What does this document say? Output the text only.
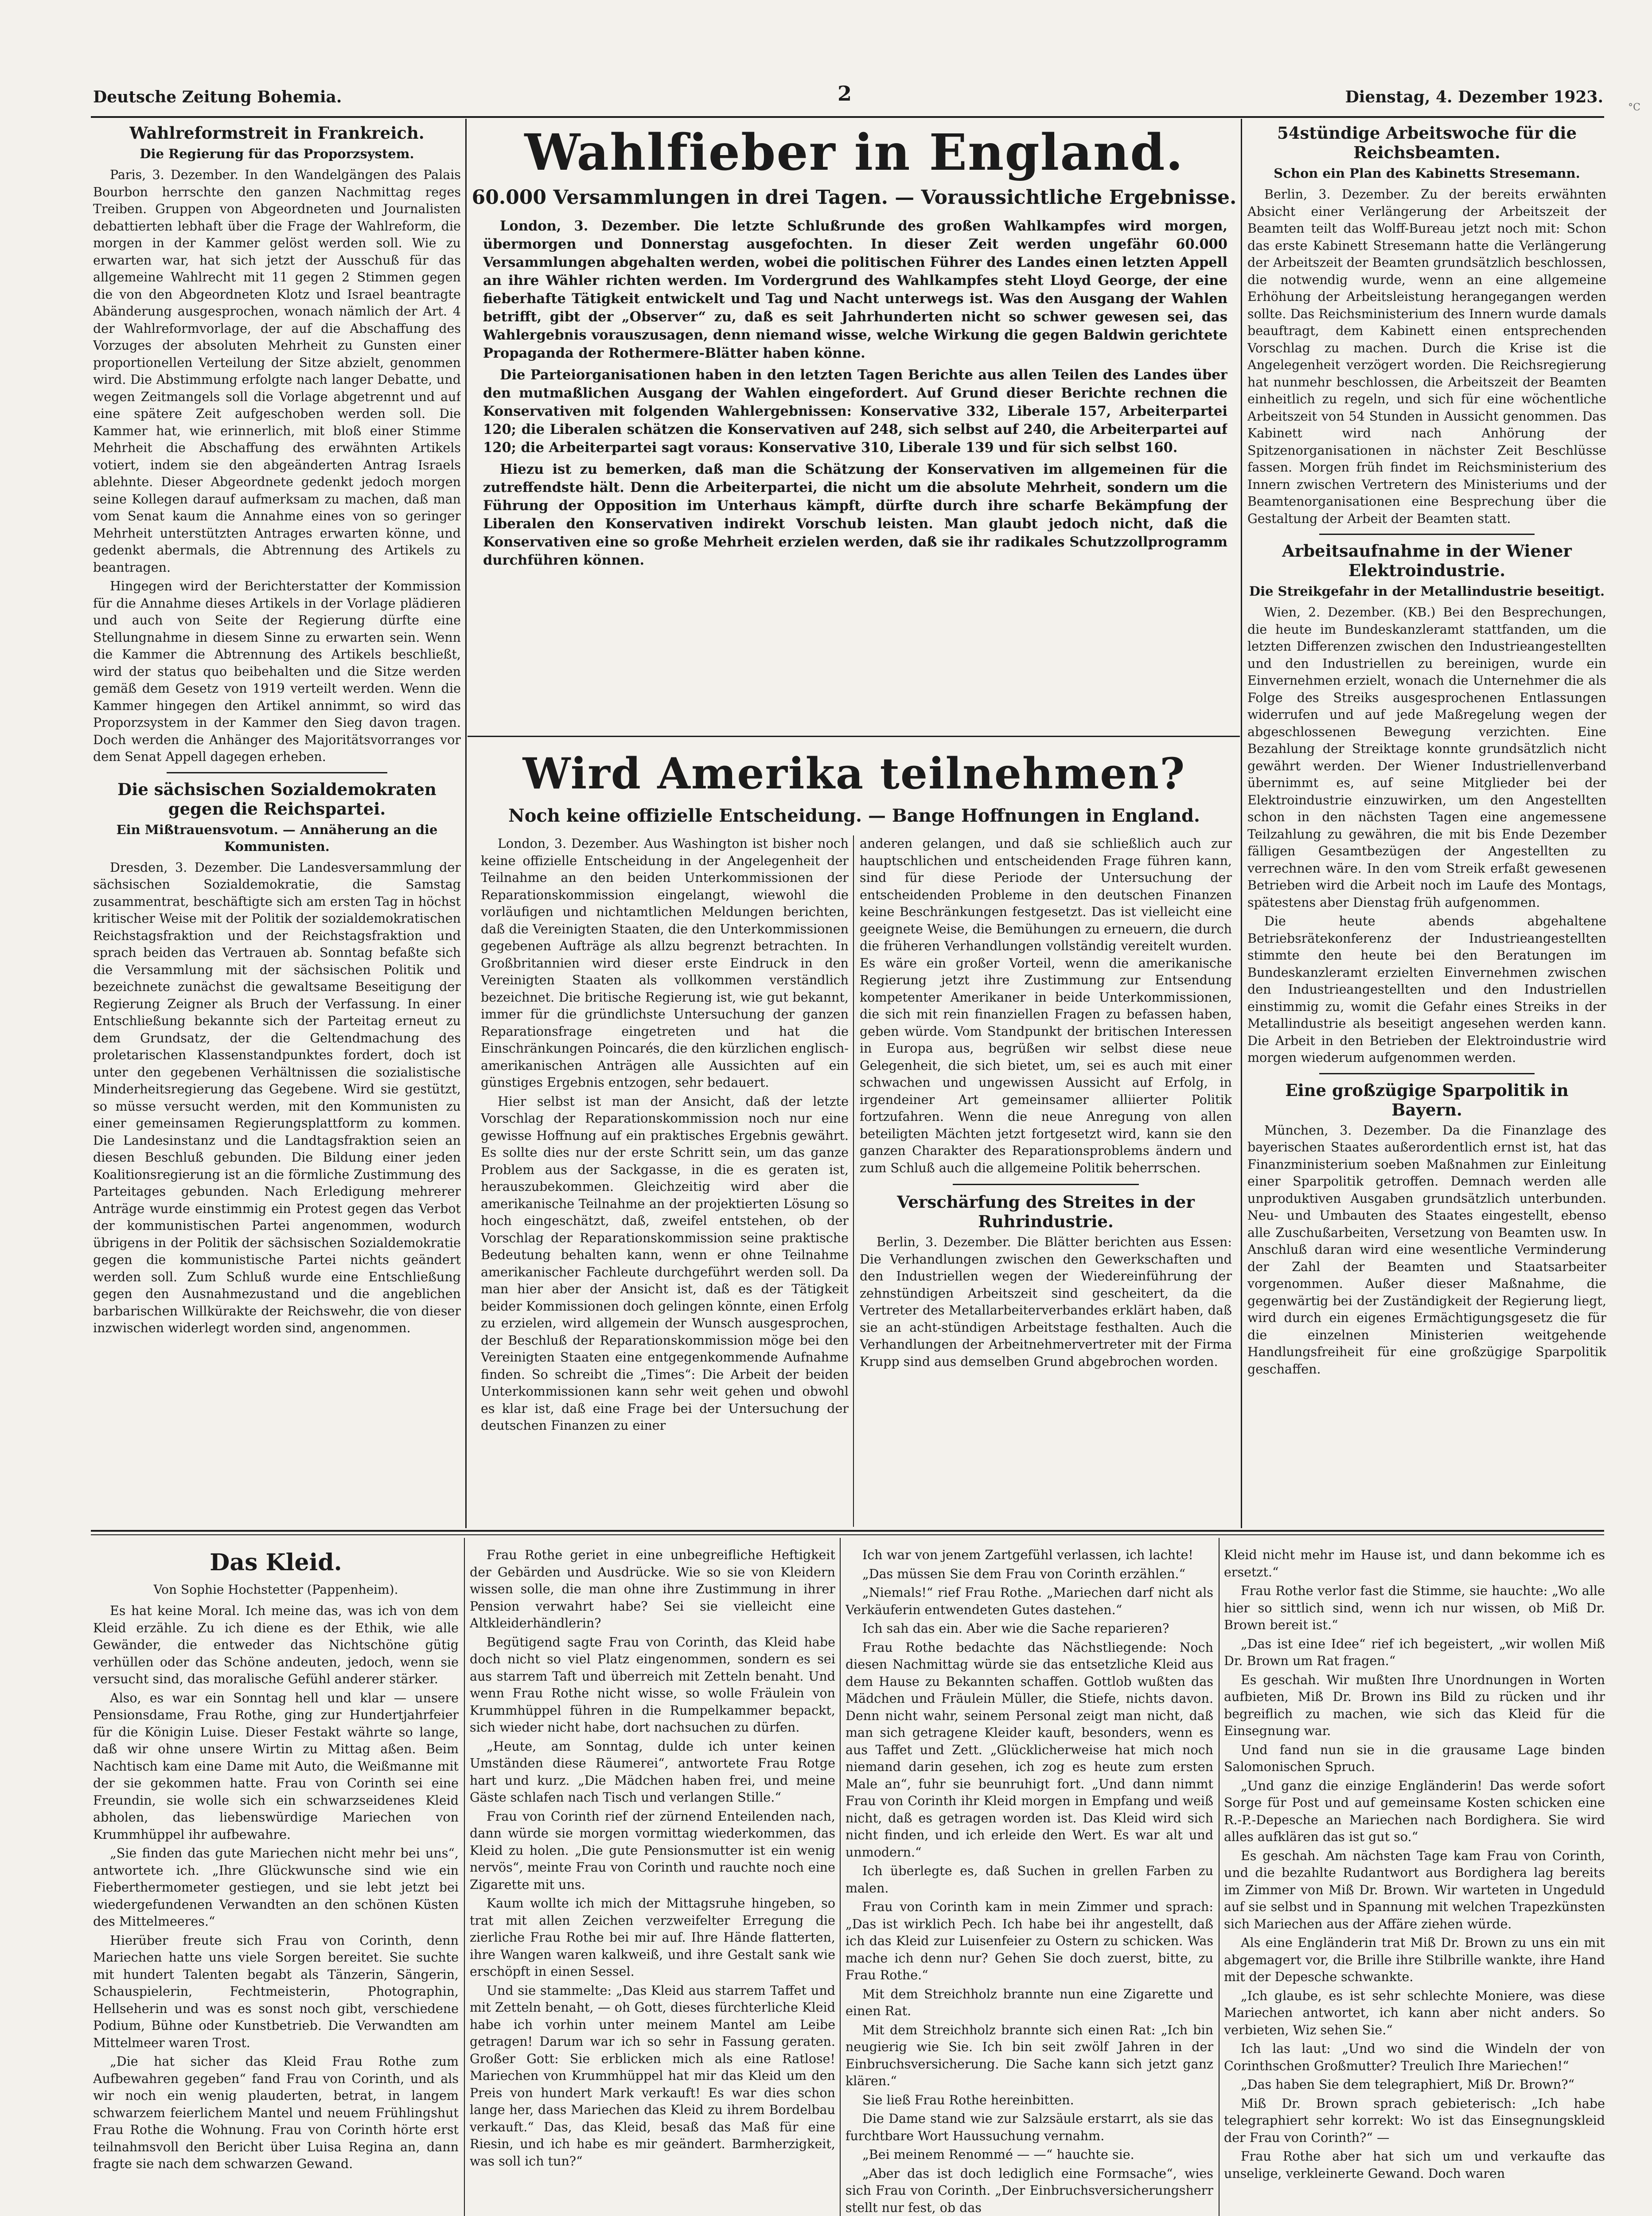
Deutsche Zeitung Bohemia.	2	Dienstag, 4. Dezember 1923.
°C
Wahlreformstreit in Frankreich.
Die Regierung für das Proporzsystem.

Paris, 3. Dezember. In den Wandelgängen des Palais Bourbon herrschte den ganzen Nachmittag reges Treiben. Gruppen von Abgeordneten und Journalisten debattierten lebhaft über die Frage der Wahlreform, die morgen in der Kammer gelöst werden soll. Wie zu erwarten war, hat sich jetzt der Ausschuß für das allgemeine Wahlrecht mit 11 gegen 2 Stimmen gegen die von den Abgeordneten Klotz und Israel beantragte Abänderung ausgesprochen, wonach nämlich der Art. 4 der Wahlreformvorlage, der auf die Abschaffung des Vorzuges der absoluten Mehrheit zu Gunsten einer proportionellen Verteilung der Sitze abzielt, genommen wird. Die Abstimmung erfolgte nach langer Debatte, und wegen Zeitmangels soll die Vorlage abgetrennt und auf eine spätere Zeit aufgeschoben werden soll. Die Kammer hat, wie erinnerlich, mit bloß einer Stimme Mehrheit die Abschaffung des erwähnten Artikels votiert, indem sie den abgeänderten Antrag Israels ablehnte. Dieser Abgeordnete gedenkt jedoch morgen seine Kollegen darauf aufmerksam zu machen, daß man vom Senat kaum die Annahme eines von so geringer Mehrheit unterstützten Antrages erwarten könne, und gedenkt abermals, die Abtrennung des Artikels zu beantragen.

Hingegen wird der Berichterstatter der Kommission für die Annahme dieses Artikels in der Vorlage plädieren und auch von Seite der Regierung dürfte eine Stellungnahme in diesem Sinne zu erwarten sein. Wenn die Kammer die Abtrennung des Artikels beschließt, wird der status quo beibehalten und die Sitze werden gemäß dem Gesetz von 1919 verteilt werden. Wenn die Kammer hingegen den Artikel annimmt, so wird das Proporzsystem in der Kammer den Sieg davon tragen. Doch werden die Anhänger des Majoritätsvorranges vor dem Senat Appell dagegen erheben.

Die sächsischen Sozialdemokraten gegen die Reichspartei.
Ein Mißtrauensvotum. — Annäherung an die Kommunisten.

Dresden, 3. Dezember. Die Landesversammlung der sächsischen Sozialdemokratie, die Samstag zusammentrat, beschäftigte sich am ersten Tag in höchst kritischer Weise mit der Politik der sozialdemokratischen Reichstagsfraktion und der Reichstagsfraktion und sprach beiden das Vertrauen ab. Sonntag befaßte sich die Versammlung mit der sächsischen Politik und bezeichnete zunächst die gewaltsame Beseitigung der Regierung Zeigner als Bruch der Verfassung. In einer Entschließung bekannte sich der Parteitag erneut zu dem Grundsatz, der die Geltendmachung des proletarischen Klassenstandpunktes fordert, doch ist unter den gegebenen Verhältnissen die sozialistische Minderheitsregierung das Gegebene. Wird sie gestützt, so müsse versucht werden, mit den Kommunisten zu einer gemeinsamen Regierungsplattform zu kommen. Die Landesinstanz und die Landtagsfraktion seien an diesen Beschluß gebunden. Die Bildung einer jeden Koalitionsregierung ist an die förmliche Zustimmung des Parteitages gebunden. Nach Erledigung mehrerer Anträge wurde einstimmig ein Protest gegen das Verbot der kommunistischen Partei angenommen, wodurch übrigens in der Politik der sächsischen Sozialdemokratie gegen die kommunistische Partei nichts geändert werden soll. Zum Schluß wurde eine Entschließung gegen den Ausnahmezustand und die angeblichen barbarischen Willkürakte der Reichswehr, die von dieser inzwischen widerlegt worden sind, angenommen.

Wahlfieber in England.
60.000 Versammlungen in drei Tagen. — Voraussichtliche Ergebnisse.

London, 3. Dezember. Die letzte Schlußrunde des großen Wahlkampfes wird morgen, übermorgen und Donnerstag ausgefochten. In dieser Zeit werden ungefähr 60.000 Versammlungen abgehalten werden, wobei die politischen Führer des Landes einen letzten Appell an ihre Wähler richten werden. Im Vordergrund des Wahlkampfes steht Lloyd George, der eine fieberhafte Tätigkeit entwickelt und Tag und Nacht unterwegs ist. Was den Ausgang der Wahlen betrifft, gibt der „Observer“ zu, daß es seit Jahrhunderten nicht so schwer gewesen sei, das Wahlergebnis vorauszusagen, denn niemand wisse, welche Wirkung die gegen Baldwin gerichtete Propaganda der Rothermere-Blätter haben könne.

Die Parteiorganisationen haben in den letzten Tagen Berichte aus allen Teilen des Landes über den mutmaßlichen Ausgang der Wahlen eingefordert. Auf Grund dieser Berichte rechnen die Konservativen mit folgenden Wahlergebnissen: Konservative 332, Liberale 157, Arbeiterpartei 120; die Liberalen schätzen die Konservativen auf 248, sich selbst auf 240, die Arbeiterpartei auf 120; die Arbeiterpartei sagt voraus: Konservative 310, Liberale 139 und für sich selbst 160.

Hiezu ist zu bemerken, daß man die Schätzung der Konservativen im allgemeinen für die zutreffendste hält. Denn die Arbeiterpartei, die nicht um die absolute Mehrheit, sondern um die Führung der Opposition im Unterhaus kämpft, dürfte durch ihre scharfe Bekämpfung der Liberalen den Konservativen indirekt Vorschub leisten. Man glaubt jedoch nicht, daß die Konservativen eine so große Mehrheit erzielen werden, daß sie ihr radikales Schutzzollprogramm durchführen können.

Wird Amerika teilnehmen?
Noch keine offizielle Entscheidung. — Bange Hoffnungen in England.

London, 3. Dezember. Aus Washington ist bisher noch keine offizielle Entscheidung in der Angelegenheit der Teilnahme an den beiden Unterkommissionen der Reparationskommission eingelangt, wiewohl die vorläufigen und nichtamtlichen Meldungen berichten, daß die Vereinigten Staaten, die den Unterkommissionen gegebenen Aufträge als allzu begrenzt betrachten. In Großbritannien wird dieser erste Eindruck in den Vereinigten Staaten als vollkommen verständlich bezeichnet. Die britische Regierung ist, wie gut bekannt, immer für die gründlichste Untersuchung der ganzen Reparationsfrage eingetreten und hat die Einschränkungen Poincarés, die den kürzlichen englisch-amerikanischen Anträgen alle Aussichten auf ein günstiges Ergebnis entzogen, sehr bedauert.

Hier selbst ist man der Ansicht, daß der letzte Vorschlag der Reparationskommission noch nur eine gewisse Hoffnung auf ein praktisches Ergebnis gewährt. Es sollte dies nur der erste Schritt sein, um das ganze Problem aus der Sackgasse, in die es geraten ist, herauszubekommen. Gleichzeitig wird aber die amerikanische Teilnahme an der projektierten Lösung so hoch eingeschätzt, daß, zweifel entstehen, ob der Vorschlag der Reparationskommission seine praktische Bedeutung behalten kann, wenn er ohne Teilnahme amerikanischer Fachleute durchgeführt werden soll. Da man hier aber der Ansicht ist, daß es der Tätigkeit beider Kommissionen doch gelingen könnte, einen Erfolg zu erzielen, wird allgemein der Wunsch ausgesprochen, der Beschluß der Reparationskommission möge bei den Vereinigten Staaten eine entgegenkommende Aufnahme finden. So schreibt die „Times“: Die Arbeit der beiden Unterkommissionen kann sehr weit gehen und obwohl es klar ist, daß eine Frage bei der Untersuchung der deutschen Finanzen zu einer

anderen gelangen, und daß sie schließlich auch zur hauptschlichen und entscheidenden Frage führen kann, sind für diese Periode der Untersuchung der entscheidenden Probleme in den deutschen Finanzen keine Beschränkungen festgesetzt. Das ist vielleicht eine geeignete Weise, die Bemühungen zu erneuern, die durch die früheren Verhandlungen vollständig vereitelt wurden. Es wäre ein großer Vorteil, wenn die amerikanische Regierung jetzt ihre Zustimmung zur Entsendung kompetenter Amerikaner in beide Unterkommissionen, die sich mit rein finanziellen Fragen zu befassen haben, geben würde. Vom Standpunkt der britischen Interessen in Europa aus, begrüßen wir selbst diese neue Gelegenheit, die sich bietet, um, sei es auch mit einer schwachen und ungewissen Aussicht auf Erfolg, in irgendeiner Art gemeinsamer alliierter Politik fortzufahren. Wenn die neue Anregung von allen beteiligten Mächten jetzt fortgesetzt wird, kann sie den ganzen Charakter des Reparationsproblems ändern und zum Schluß auch die allgemeine Politik beherrschen.

Verschärfung des Streites in der Ruhrindustrie.

Berlin, 3. Dezember. Die Blätter berichten aus Essen: Die Verhandlungen zwischen den Gewerkschaften und den Industriellen wegen der Wiedereinführung der zehnstündigen Arbeitszeit sind gescheitert, da die Vertreter des Metallarbeiterverbandes erklärt haben, daß sie an acht-stündigen Arbeitstage festhalten. Auch die Verhandlungen der Arbeitnehmervertreter mit der Firma Krupp sind aus demselben Grund abgebrochen worden.

54stündige Arbeitswoche für die Reichsbeamten.
Schon ein Plan des Kabinetts Stresemann.

Berlin, 3. Dezember. Zu der bereits erwähnten Absicht einer Verlängerung der Arbeitszeit der Beamten teilt das Wolff-Bureau jetzt noch mit: Schon das erste Kabinett Stresemann hatte die Verlängerung der Arbeitszeit der Beamten grundsätzlich beschlossen, die notwendig wurde, wenn an eine allgemeine Erhöhung der Arbeitsleistung herangegangen werden sollte. Das Reichsministerium des Innern wurde damals beauftragt, dem Kabinett einen entsprechenden Vorschlag zu machen. Durch die Krise ist die Angelegenheit verzögert worden. Die Reichsregierung hat nunmehr beschlossen, die Arbeitszeit der Beamten einheitlich zu regeln, und sich für eine wöchentliche Arbeitszeit von 54 Stunden in Aussicht genommen. Das Kabinett wird nach Anhörung der Spitzenorganisationen in nächster Zeit Beschlüsse fassen. Morgen früh findet im Reichsministerium des Innern zwischen Vertretern des Ministeriums und der Beamtenorganisationen eine Besprechung über die Gestaltung der Arbeit der Beamten statt.

Arbeitsaufnahme in der Wiener Elektroindustrie.
Die Streikgefahr in der Metallindustrie beseitigt.

Wien, 2. Dezember. (KB.) Bei den Besprechungen, die heute im Bundeskanzleramt stattfanden, um die letzten Differenzen zwischen den Industrieangestellten und den Industriellen zu bereinigen, wurde ein Einvernehmen erzielt, wonach die Unternehmer die als Folge des Streiks ausgesprochenen Entlassungen widerrufen und auf jede Maßregelung wegen der abgeschlossenen Bewegung verzichten. Eine Bezahlung der Streiktage konnte grundsätzlich nicht gewährt werden. Der Wiener Industriellenverband übernimmt es, auf seine Mitglieder bei der Elektroindustrie einzuwirken, um den Angestellten schon in den nächsten Tagen eine angemessene Teilzahlung zu gewähren, die mit bis Ende Dezember fälligen Gesamtbezügen der Angestellten zu verrechnen wäre. In den vom Streik erfaßt gewesenen Betrieben wird die Arbeit noch im Laufe des Montags, spätestens aber Dienstag früh aufgenommen.

Die heute abends abgehaltene Betriebsrätekonferenz der Industrieangestellten stimmte den heute bei den Beratungen im Bundeskanzleramt erzielten Einvernehmen zwischen den Industrieangestellten und den Industriellen einstimmig zu, womit die Gefahr eines Streiks in der Metallindustrie als beseitigt angesehen werden kann. Die Arbeit in den Betrieben der Elektroindustrie wird morgen wiederum aufgenommen werden.

Eine großzügige Sparpolitik in Bayern.

München, 3. Dezember. Da die Finanzlage des bayerischen Staates außerordentlich ernst ist, hat das Finanzministerium soeben Maßnahmen zur Einleitung einer Sparpolitik getroffen. Demnach werden alle unproduktiven Ausgaben grundsätzlich unterbunden. Neu- und Umbauten des Staates eingestellt, ebenso alle Zuschußarbeiten, Versetzung von Beamten usw. In Anschluß daran wird eine wesentliche Verminderung der Zahl der Beamten und Staatsarbeiter vorgenommen. Außer dieser Maßnahme, die gegenwärtig bei der Zuständigkeit der Regierung liegt, wird durch ein eigenes Ermächtigungsgesetz die für die einzelnen Ministerien weitgehende Handlungsfreiheit für eine großzügige Sparpolitik geschaffen.

Das Kleid.
Von Sophie Hochstetter (Pappenheim).

Es hat keine Moral. Ich meine das, was ich von dem Kleid erzähle. Zu ich diene es der Ethik, wie alle Gewänder, die entweder das Nichtschöne gütig verhüllen oder das Schöne andeuten, jedoch, wenn sie versucht sind, das moralische Gefühl anderer stärker.

Also, es war ein Sonntag hell und klar — unsere Pensionsdame, Frau Rothe, ging zur Hundertjahrfeier für die Königin Luise. Dieser Festakt währte so lange, daß wir ohne unsere Wirtin zu Mittag aßen. Beim Nachtisch kam eine Dame mit Auto, die Weißmanne mit der sie gekommen hatte. Frau von Corinth sei eine Freundin, sie wolle sich ein schwarzseidenes Kleid abholen, das liebenswürdige Mariechen von Krummhüppel ihr aufbewahre.

„Sie finden das gute Mariechen nicht mehr bei uns“, antwortete ich. „Ihre Glückwunsche sind wie ein Fieberthermometer gestiegen, und sie lebt jetzt bei wiedergefundenen Verwandten an den schönen Küsten des Mittelmeeres.“

Hierüber freute sich Frau von Corinth, denn Mariechen hatte uns viele Sorgen bereitet. Sie suchte mit hundert Talenten begabt als Tänzerin, Sängerin, Schauspielerin, Fechtmeisterin, Photographin, Hellseherin und was es sonst noch gibt, verschiedene Podium, Bühne oder Kunstbetrieb. Die Verwandten am Mittelmeer waren Trost.

„Die hat sicher das Kleid Frau Rothe zum Aufbewahren gegeben“ fand Frau von Corinth, und als wir noch ein wenig plauderten, betrat, in langem schwarzem feierlichem Mantel und neuem Frühlingshut Frau Rothe die Wohnung. Frau von Corinth hörte erst teilnahmsvoll den Bericht über Luisa Regina an, dann fragte sie nach dem schwarzen Gewand.

Frau Rothe geriet in eine unbegreifliche Heftigkeit der Gebärden und Ausdrücke. Wie so sie von Kleidern wissen solle, die man ohne ihre Zustimmung in ihrer Pension verwahrt habe? Sei sie vielleicht eine Altkleiderhändlerin?

Begütigend sagte Frau von Corinth, das Kleid habe doch nicht so viel Platz eingenommen, sondern es sei aus starrem Taft und überreich mit Zetteln benaht. Und wenn Frau Rothe nicht wisse, so wolle Fräulein von Krummhüppel führen in die Rumpelkammer bepackt, sich wieder nicht habe, dort nachsuchen zu dürfen.

„Heute, am Sonntag, dulde ich unter keinen Umständen diese Räumerei“, antwortete Frau Rotge hart und kurz. „Die Mädchen haben frei, und meine Gäste schlafen nach Tisch und verlangen Stille.“

Frau von Corinth rief der zürnend Enteilenden nach, dann würde sie morgen vormittag wiederkommen, das Kleid zu holen. „Die gute Pensionsmutter ist ein wenig nervös“, meinte Frau von Corinth und rauchte noch eine Zigarette mit uns.

Kaum wollte ich mich der Mittagsruhe hingeben, so trat mit allen Zeichen verzweifelter Erregung die zierliche Frau Rothe bei mir auf. Ihre Hände flatterten, ihre Wangen waren kalkweiß, und ihre Gestalt sank wie erschöpft in einen Sessel.

Und sie stammelte: „Das Kleid aus starrem Taffet und mit Zetteln benaht, — oh Gott, dieses fürchterliche Kleid habe ich vorhin unter meinem Mantel am Leibe getragen! Darum war ich so sehr in Fassung geraten. Großer Gott: Sie erblicken mich als eine Ratlose! Mariechen von Krummhüppel hat mir das Kleid um den Preis von hundert Mark verkauft! Es war dies schon lange her, dass Mariechen das Kleid zu ihrem Bordelbau verkauft.“ Das, das Kleid, besaß das Maß für eine Riesin, und ich habe es mir geändert. Barmherzigkeit, was soll ich tun?“

Ich war von jenem Zartgefühl verlassen, ich lachte!

„Das müssen Sie dem Frau von Corinth erzählen.“

„Niemals!“ rief Frau Rothe. „Mariechen darf nicht als Verkäuferin entwendeten Gutes dastehen.“

Ich sah das ein. Aber wie die Sache reparieren?

Frau Rothe bedachte das Nächstliegende: Noch diesen Nachmittag würde sie das entsetzliche Kleid aus dem Hause zu Bekannten schaffen. Gottlob wußten das Mädchen und Fräulein Müller, die Stiefe, nichts davon. Denn nicht wahr, seinem Personal zeigt man nicht, daß man sich getragene Kleider kauft, besonders, wenn es aus Taffet und Zett. „Glücklicherweise hat mich noch niemand darin gesehen, ich zog es heute zum ersten Male an“, fuhr sie beunruhigt fort. „Und dann nimmt Frau von Corinth ihr Kleid morgen in Empfang und weiß nicht, daß es getragen worden ist. Das Kleid wird sich nicht finden, und ich erleide den Wert. Es war alt und unmodern.“

Ich überlegte es, daß Suchen in grellen Farben zu malen.

Frau von Corinth kam in mein Zimmer und sprach: „Das ist wirklich Pech. Ich habe bei ihr angestellt, daß ich das Kleid zur Luisenfeier zu Ostern zu schicken. Was mache ich denn nur? Gehen Sie doch zuerst, bitte, zu Frau Rothe.“

Mit dem Streichholz brannte nun eine Zigarette und einen Rat.

Mit dem Streichholz brannte sich einen Rat: „Ich bin neugierig wie Sie. Ich bin seit zwölf Jahren in der Einbruchsversicherung. Die Sache kann sich jetzt ganz klären.“

Sie ließ Frau Rothe hereinbitten.

Die Dame stand wie zur Salzsäule erstarrt, als sie das furchtbare Wort Haussuchung vernahm.

„Bei meinem Renommé — —“ hauchte sie.

„Aber das ist doch lediglich eine Formsache“, wies sich Frau von Corinth. „Der Einbruchsversicherungsherr stellt nur fest, ob das

Kleid nicht mehr im Hause ist, und dann bekomme ich es ersetzt.“

Frau Rothe verlor fast die Stimme, sie hauchte: „Wo alle hier so sittlich sind, wenn ich nur wissen, ob Miß Dr. Brown bereit ist.“

„Das ist eine Idee“ rief ich begeistert, „wir wollen Miß Dr. Brown um Rat fragen.“

Es geschah. Wir mußten Ihre Unordnungen in Worten aufbieten, Miß Dr. Brown ins Bild zu rücken und ihr begreiflich zu machen, wie sich das Kleid für die Einsegnung war.

Und fand nun sie in die grausame Lage binden Salomonischen Spruch.

„Und ganz die einzige Engländerin! Das werde sofort Sorge für Post und auf gemeinsame Kosten schicken eine R.-P.-Depesche an Mariechen nach Bordighera. Sie wird alles aufklären das ist gut so.“

Es geschah. Am nächsten Tage kam Frau von Corinth, und die bezahlte Rudantwort aus Bordighera lag bereits im Zimmer von Miß Dr. Brown. Wir warteten in Ungeduld auf sie selbst und in Spannung mit welchen Trapezkünsten sich Mariechen aus der Affäre ziehen würde.

Als eine Engländerin trat Miß Dr. Brown zu uns ein mit abgemagert vor, die Brille ihre Stilbrille wankte, ihre Hand mit der Depesche schwankte.

„Ich glaube, es ist sehr schlechte Moniere, was diese Mariechen antwortet, ich kann aber nicht anders. So verbieten, Wiz sehen Sie.“

Ich las laut: „Und wo sind die Windeln der von Corinthschen Großmutter? Treulich Ihre Mariechen!“

„Das haben Sie dem telegraphiert, Miß Dr. Brown?“

Miß Dr. Brown sprach gebieterisch: „Ich habe telegraphiert sehr korrekt: Wo ist das Einsegnungskleid der Frau von Corinth?“ —

Frau Rothe aber hat sich um und verkaufte das unselige, verkleinerte Gewand. Doch waren
